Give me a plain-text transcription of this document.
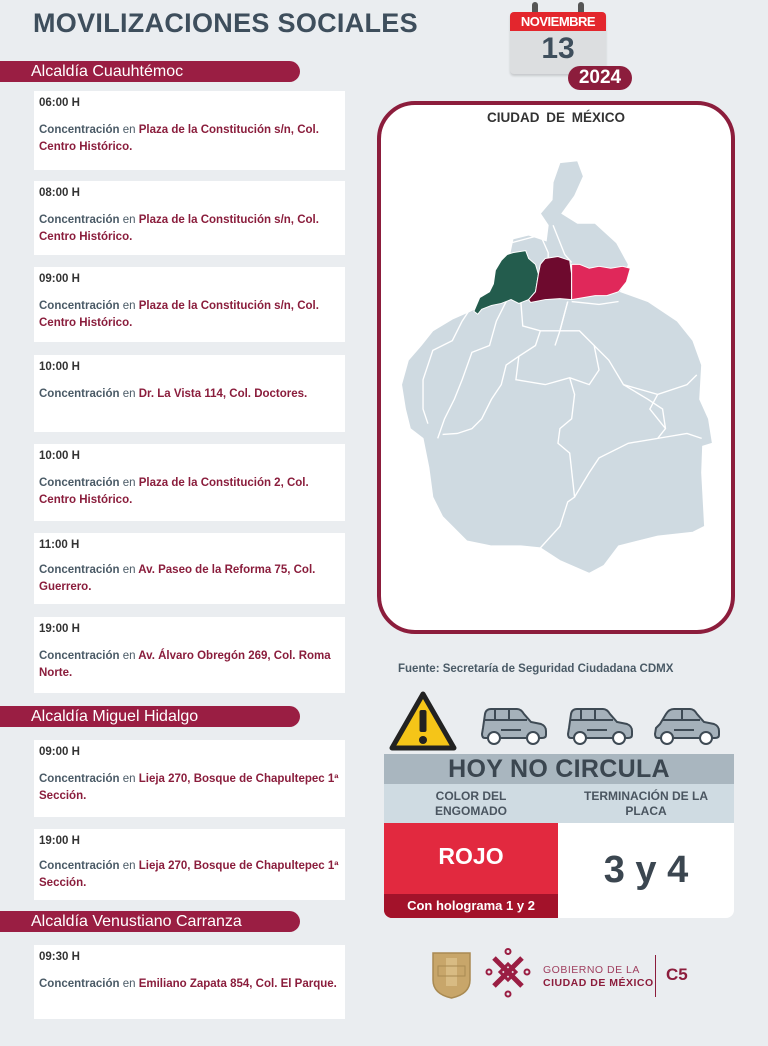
MOVILIZACIONES SOCIALES	NOVIEMBRE
13
2024
Alcaldía Cuauhtémoc
06:00 H
Concentración en Plaza de la Constitución s/n, Col. Centro Histórico.
08:00 H
Concentración en Plaza de la Constitución s/n, Col. Centro Histórico.
09:00 H
Concentración en Plaza de la Constitución s/n, Col. Centro Histórico.
10:00 H
Concentración en Dr. La Vista 114, Col. Doctores.
10:00 H
Concentración en Plaza de la Constitución 2, Col. Centro Histórico.
11:00 H
Concentración en Av. Paseo de la Reforma 75, Col. Guerrero.
19:00 H
Concentración en Av. Álvaro Obregón 269, Col. Roma Norte.
Alcaldía Miguel Hidalgo
09:00 H
Concentración en Lieja 270, Bosque de Chapultepec 1ª Sección.
19:00 H
Concentración en Lieja 270, Bosque de Chapultepec 1ª Sección.
Alcaldía Venustiano Carranza
09:30 H
Concentración en Emiliano Zapata 854, Col. El Parque.
CIUDAD DE MÉXICO
Fuente: Secretaría de Seguridad Ciudadana CDMX
HOY NO CIRCULA
COLOR DEL ENGOMADO
TERMINACIÓN DE LA PLACA
ROJO
Con holograma 1 y 2
3 y 4
GOBIERNO DE LA
CIUDAD DE MÉXICO C5
